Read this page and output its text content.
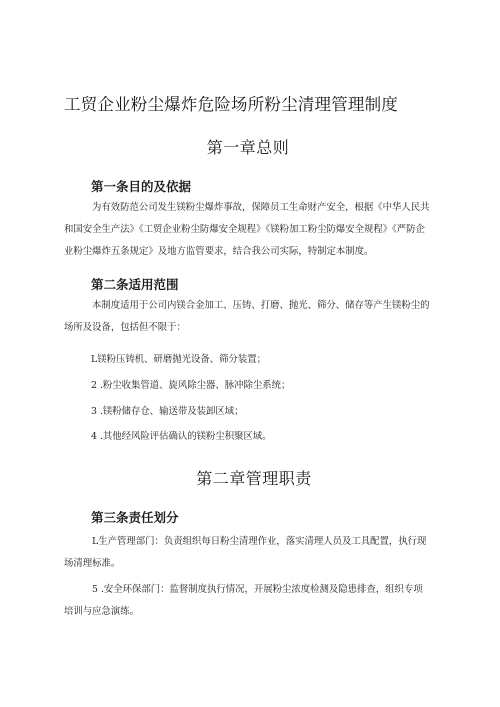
工贸企业粉尘爆炸危险场所粉尘清理管理制度
第一章总则
第一条目的及依据
为有效防范公司发生镁粉尘爆炸事故，保障员工生命财产安全，根据《中华人民共和国安全生产法》《工贸企业粉尘防爆安全规程》《镁粉加工粉尘防爆安全规程》《严防企业粉尘爆炸五条规定》及地方监管要求，结合我公司实际，特制定本制度。
第二条适用范围
本制度适用于公司内镁合金加工、压铸、打磨、抛光、筛分、储存等产生镁粉尘的场所及设备，包括但不限于：
L镁粉压铸机、研磨抛光设备、筛分装置；
2 .粉尘收集管道、旋风除尘器、脉冲除尘系统；
3 .镁粉储存仓、输送带及装卸区域；
4 .其他经风险评估确认的镁粉尘积聚区域。
第二章管理职责
第三条责任划分
L生产管理部门：负责组织每日粉尘清理作业，落实清理人员及工具配置，执行现场清理标准。
5 .安全环保部门：监督制度执行情况，开展粉尘浓度检测及隐患排查，组织专项培训与应急演练。
